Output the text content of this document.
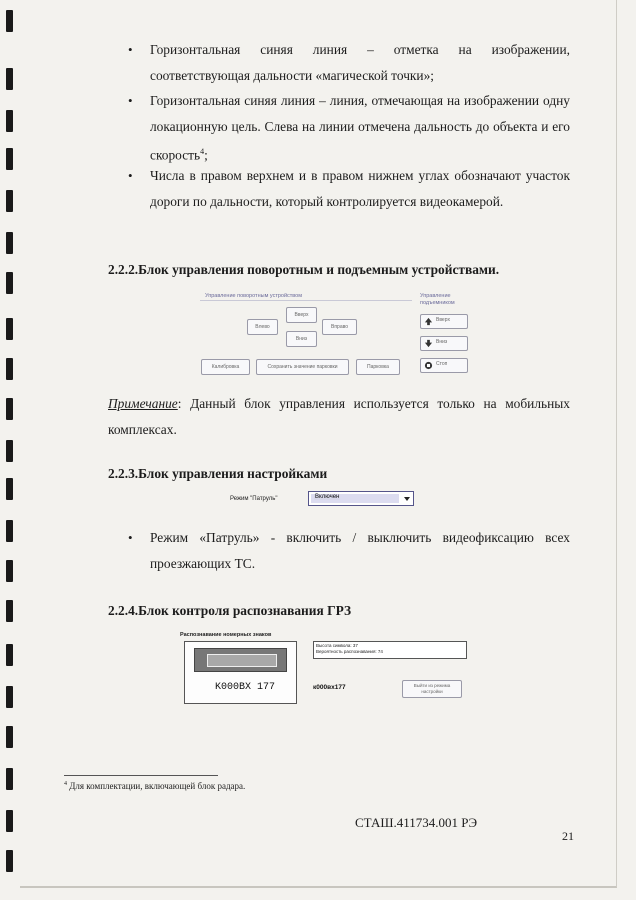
• Горизонтальная синяя линия – отметка на изображении, соответствующая дальности «магической точки»;
• Горизонтальная синяя линия – линия, отмечающая на изображении одну локационную цель. Слева на линии отмечена дальность до объекта и его скорость$^4$;
• Числа в правом верхнем и в правом нижнем углах обозначают участок дороги по дальности, который контролируется видеокамерой.
2.2.2.Блок управления поворотным и подъемным устройствами.
Управление поворотным устройством
Вверх
Влево	Вправо
Вниз
Калибровка	Сохранить значение парковки	Парковка
Управление подъемником
Вверх
Вниз
Стоп
Примечание: Данный блок управления используется только на мобильных комплексах.
2.2.3.Блок управления настройками
Режим "Патруль"	Включен
• Режим «Патруль» - включить / выключить видеофиксацию всех проезжающих ТС.
2.2.4.Блок контроля распознавания ГРЗ
Распознавание номерных знаков
K000BX 177
Высота символа: 37
Вероятность распознавания: 74
к000вх177	Выйти из режима настройки
$^4$ Для комплектации, включающей блок радара.
СТАШ.411734.001 РЭ
21
